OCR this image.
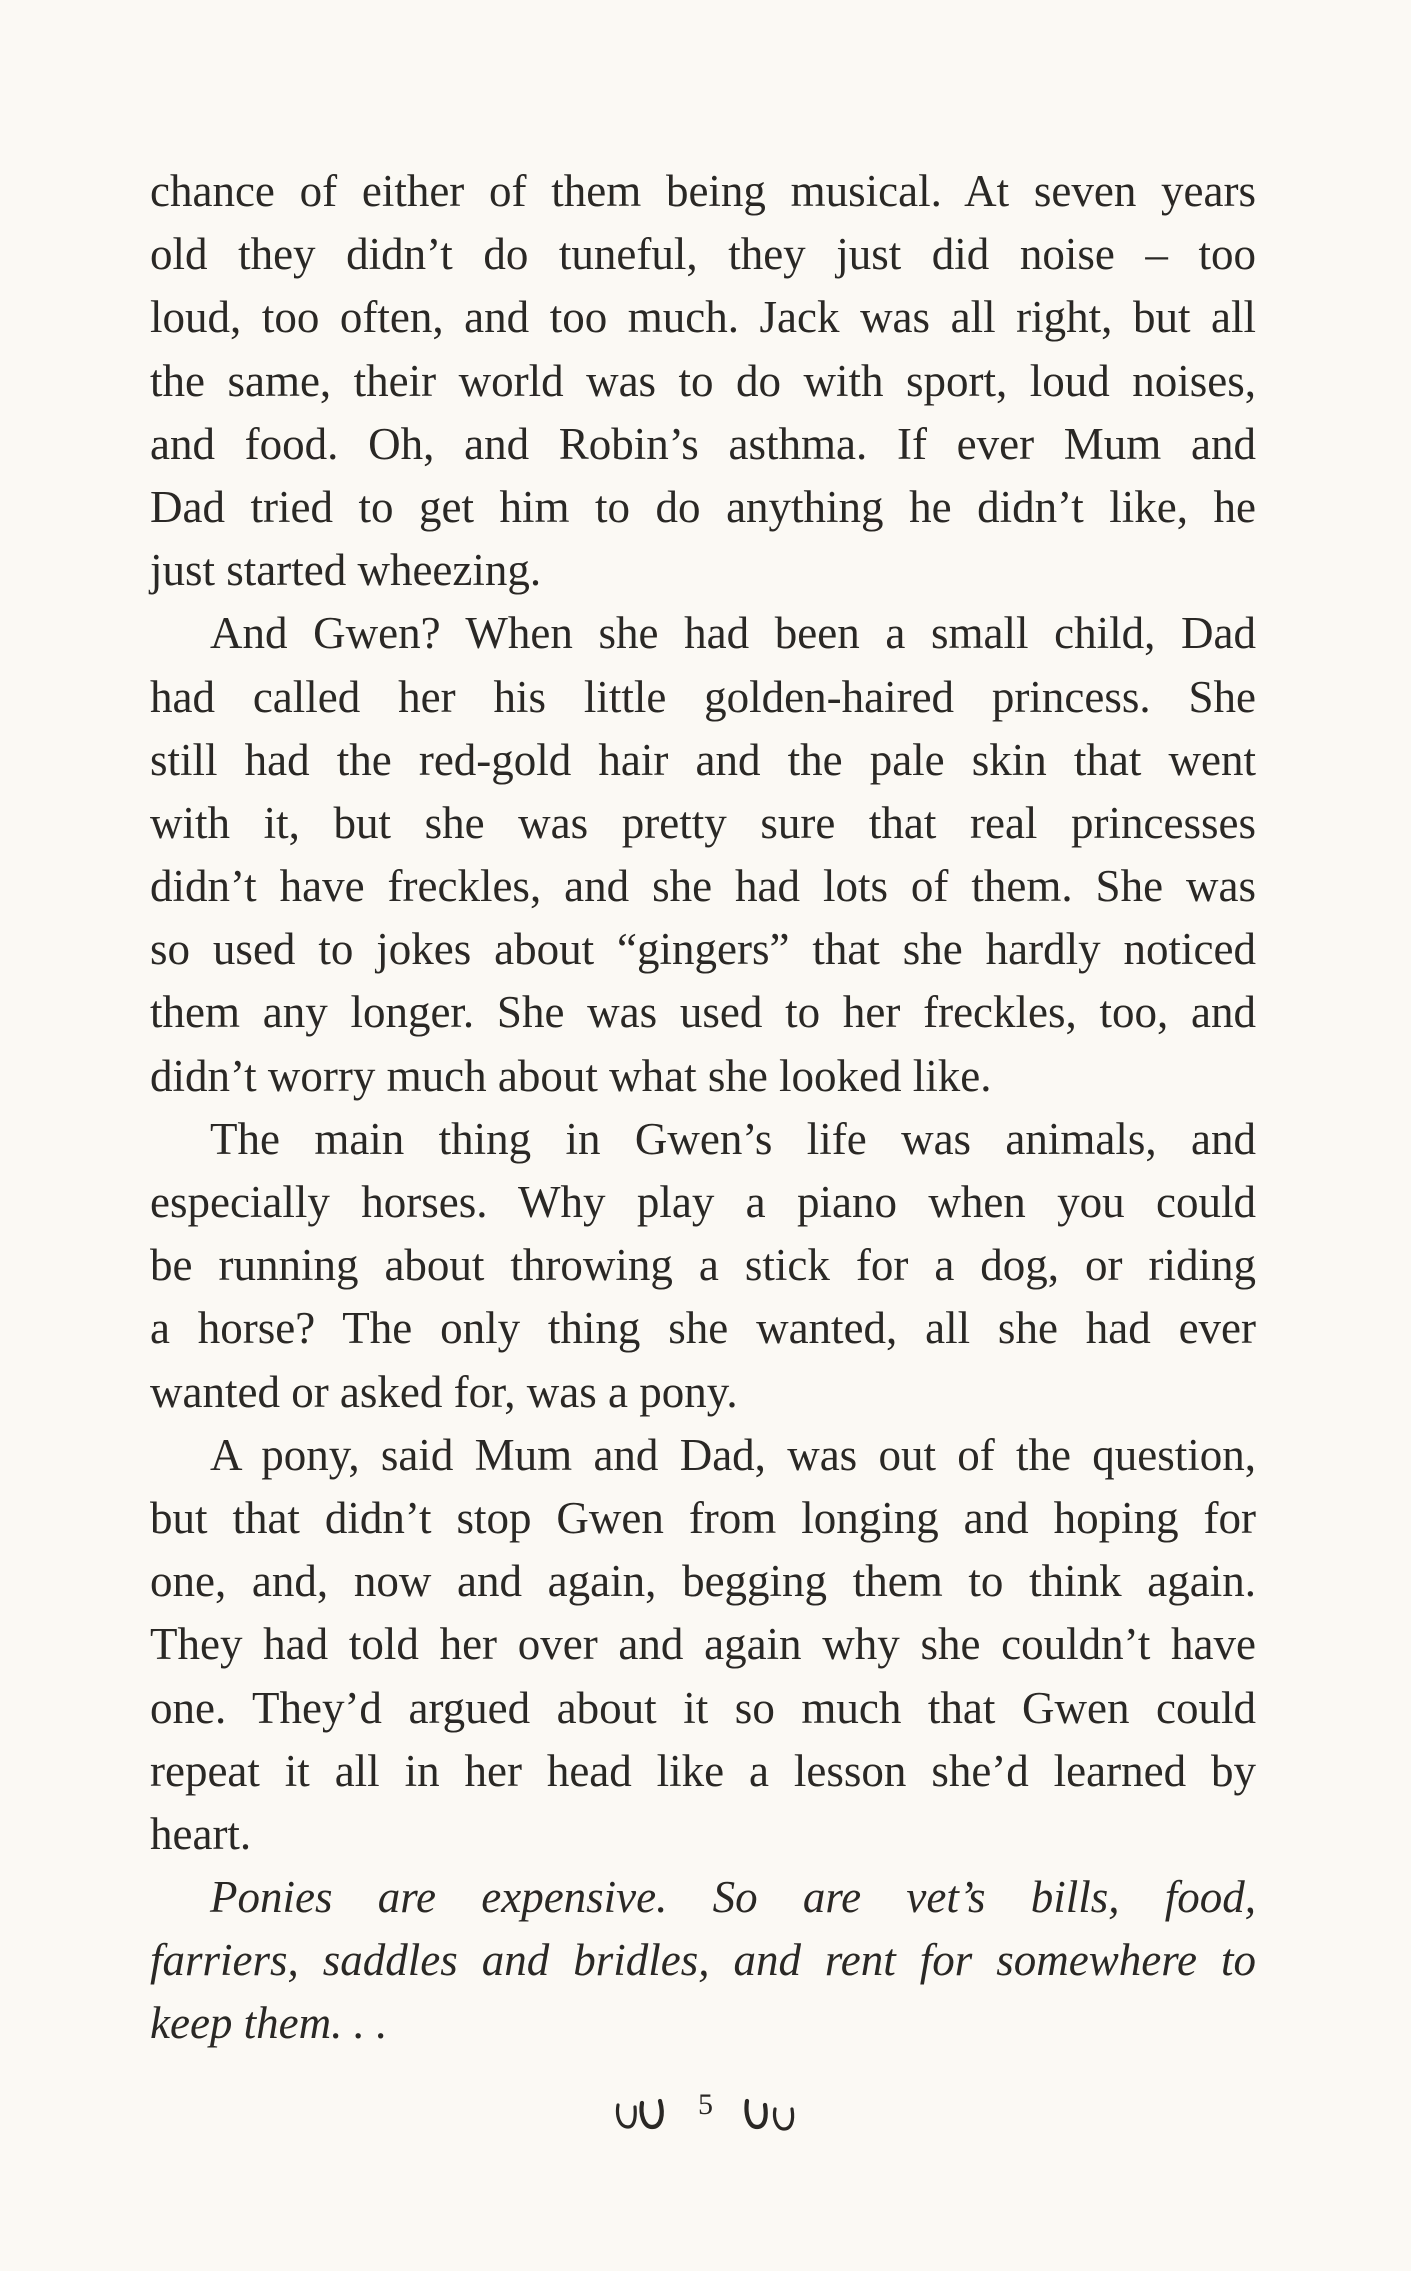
chance of either of them being musical. At seven years
old they didn’t do tuneful, they just did noise – too
loud, too often, and too much. Jack was all right, but all
the same, their world was to do with sport, loud noises,
and food. Oh, and Robin’s asthma. If ever Mum and
Dad tried to get him to do anything he didn’t like, he
just started wheezing.

And Gwen? When she had been a small child, Dad
had called her his little golden-haired princess. She
still had the red-gold hair and the pale skin that went
with it, but she was pretty sure that real princesses
didn’t have freckles, and she had lots of them. She was
so used to jokes about “gingers” that she hardly noticed
them any longer. She was used to her freckles, too, and
didn’t worry much about what she looked like.

The main thing in Gwen’s life was animals, and
especially horses. Why play a piano when you could
be running about throwing a stick for a dog, or riding
a horse? The only thing she wanted, all she had ever
wanted or asked for, was a pony.

A pony, said Mum and Dad, was out of the question,
but that didn’t stop Gwen from longing and hoping for
one, and, now and again, begging them to think again.
They had told her over and again why she couldn’t have
one. They’d argued about it so much that Gwen could
repeat it all in her head like a lesson she’d learned by
heart.

Ponies are expensive. So are vet’s bills, food,
farriers, saddles and bridles, and rent for somewhere to
keep them. . .

5
